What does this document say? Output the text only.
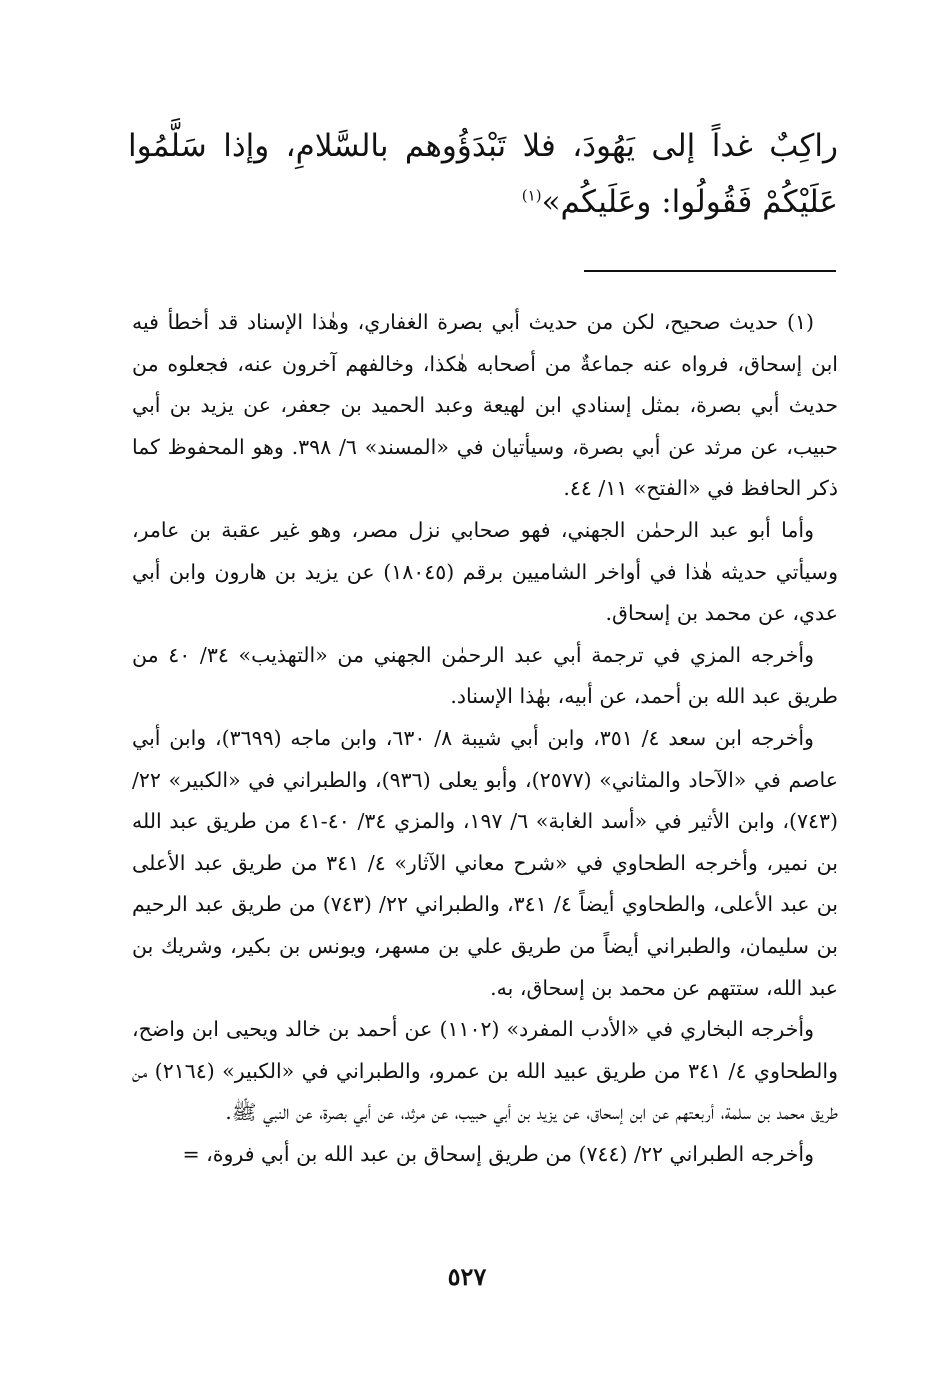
راكِبٌ غداً إلى يَهُودَ، فلا تَبْدَؤُوهم بالسَّلامِ، وإذا سَلَّمُوا عَلَيْكُمْ فَقُولُوا: وعَلَيكُم»$^{(١)}$

(١) حديث صحيح، لكن من حديث أبي بصرة الغفاري، وهٰذا الإسناد قد أخطأ فيه ابن إسحاق، فرواه عنه جماعةٌ من أصحابه هٰكذا، وخالفهم آخرون عنه، فجعلوه من حديث أبي بصرة، بمثل إسنادي ابن لهيعة وعبد الحميد بن جعفر، عن يزيد بن أبي حبيب، عن مرثد عن أبي بصرة، وسيأتيان في «المسند» ٦/ ٣٩٨. وهو المحفوظ كما ذكر الحافظ في «الفتح» ١١/ ٤٤.

وأما أبو عبد الرحمٰن الجهني، فهو صحابي نزل مصر، وهو غير عقبة بن عامر، وسيأتي حديثه هٰذا في أواخر الشاميين برقم (١٨٠٤٥) عن يزيد بن هارون وابن أبي عدي، عن محمد بن إسحاق.

وأخرجه المزي في ترجمة أبي عبد الرحمٰن الجهني من «التهذيب» ٣٤/ ٤٠ من طريق عبد الله بن أحمد، عن أبيه، بهٰذا الإسناد.

وأخرجه ابن سعد ٤/ ٣٥١، وابن أبي شيبة ٨/ ٦٣٠، وابن ماجه (٣٦٩٩)، وابن أبي عاصم في «الآحاد والمثاني» (٢٥٧٧)، وأبو يعلى (٩٣٦)، والطبراني في «الكبير» ٢٢/ (٧٤٣)، وابن الأثير في «أسد الغابة» ٦/ ١٩٧، والمزي ٣٤/ ٤٠-٤١ من طريق عبد الله بن نمير، وأخرجه الطحاوي في «شرح معاني الآثار» ٤/ ٣٤١ من طريق عبد الأعلى بن عبد الأعلى، والطحاوي أيضاً ٤/ ٣٤١، والطبراني ٢٢/ (٧٤٣) من طريق عبد الرحيم بن سليمان، والطبراني أيضاً من طريق علي بن مسهر، ويونس بن بكير، وشريك بن عبد الله، ستتهم عن محمد بن إسحاق، به.

وأخرجه البخاري في «الأدب المفرد» (١١٠٢) عن أحمد بن خالد ويحيى ابن واضح، والطحاوي ٤/ ٣٤١ من طريق عبيد الله بن عمرو، والطبراني في «الكبير» (٢١٦٤) من طريق محمد بن سلمة، أربعتهم عن ابن إسحاق، عن يزيد بن أبي حبيب، عن مرثد، عن أبي بصرة، عن النبي ﷺ.

وأخرجه الطبراني ٢٢/ (٧٤٤) من طريق إسحاق بن عبد الله بن أبي فروة، =

٥٢٧
